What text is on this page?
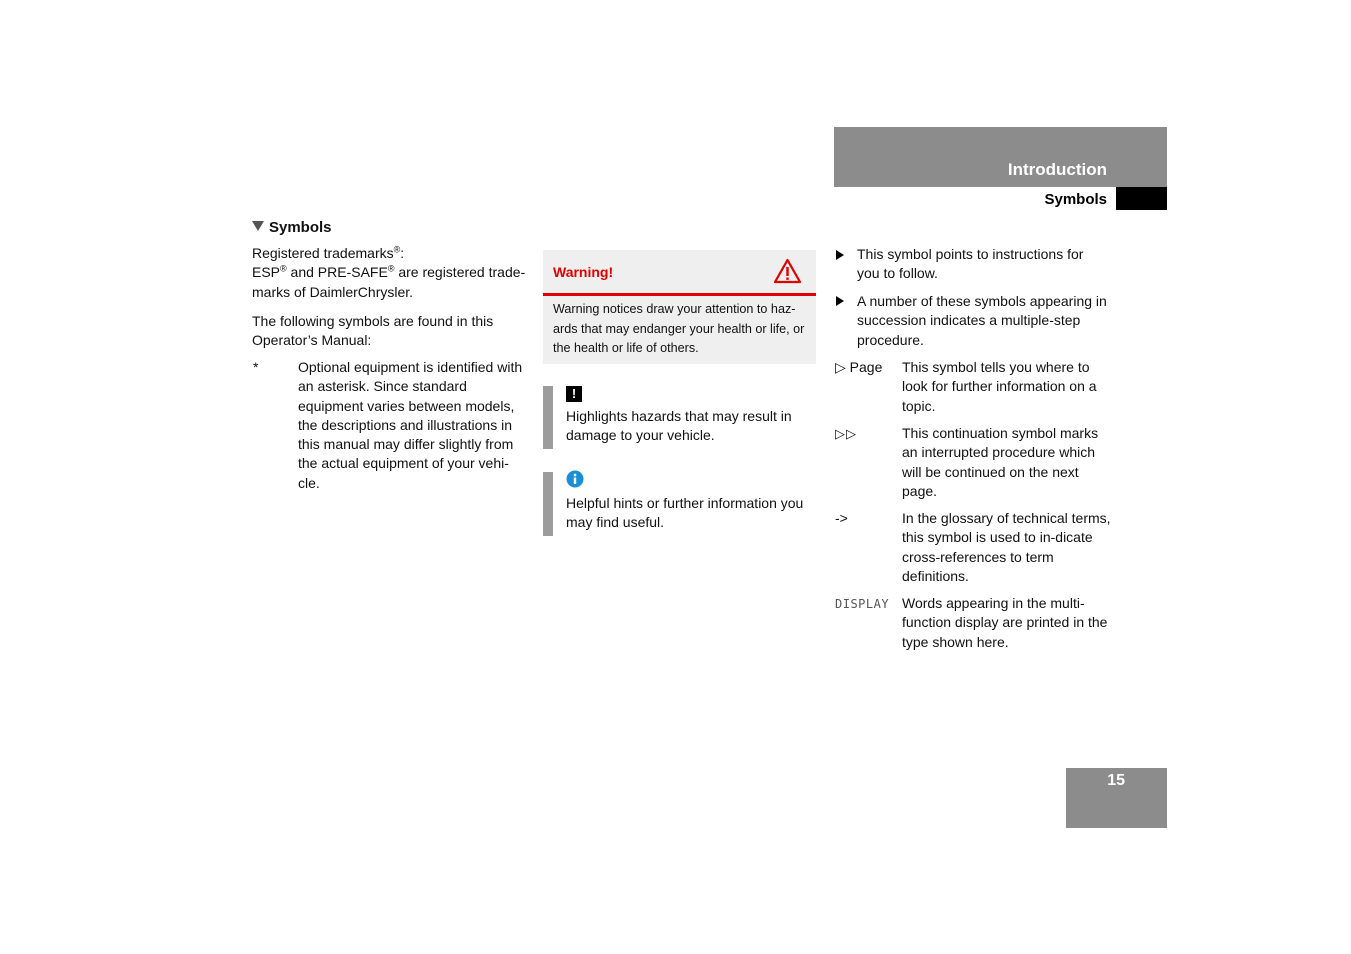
Introduction
Symbols
Symbols
Registered trademarks®:
ESP® and PRE-SAFE® are registered trade-marks of DaimlerChrysler.
The following symbols are found in this Operator’s Manual:
*	Optional equipment is identified with an asterisk. Since standard equipment varies between models, the descriptions and illustrations in this manual may differ slightly from the actual equipment of your vehi-cle.
Warning!
Warning notices draw your attention to haz-ards that may endanger your health or life, or the health or life of others.
!
Highlights hazards that may result in damage to your vehicle.
Helpful hints or further information you may find useful.
This symbol points to instructions for you to follow.
A number of these symbols appearing in succession indicates a multiple-step procedure.
▷ Page This symbol tells you where to look for further information on a topic.
▷▷	This continuation symbol marks an interrupted procedure which will be continued on the next page.
->	In the glossary of technical terms, this symbol is used to in-dicate cross-references to term definitions.
DISPLAY Words appearing in the multi-function display are printed in the type shown here.
15
